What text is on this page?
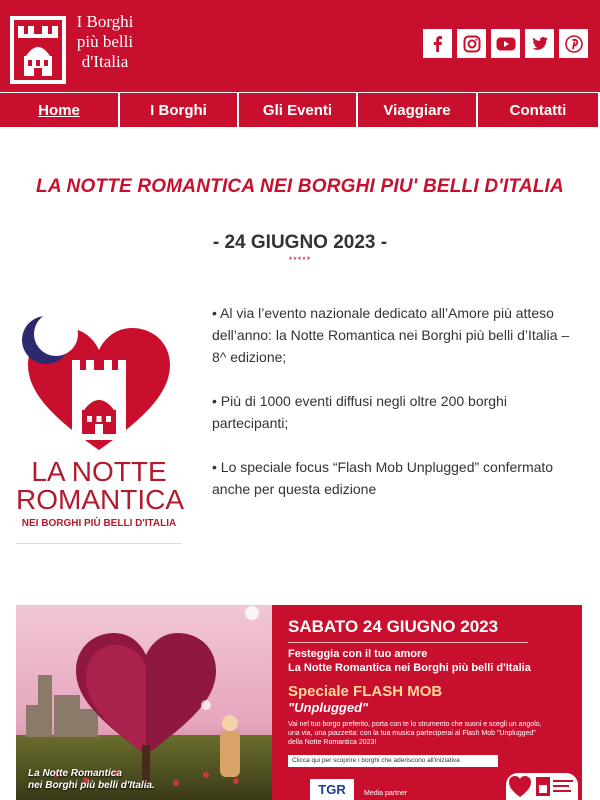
I Borghi
più belli
d'Italia
Home	I Borghi	Gli Eventi	Viaggiare	Contatti
LA NOTTE ROMANTICA NEI BORGHI PIU' BELLI D'ITALIA
- 24 GIUGNO 2023 -
*****
LA NOTTE
ROMANTICA
NEI BORGHI PIÙ BELLI D'ITALIA

• Al via l’evento nazionale dedicato all’Amore più atteso dell’anno: la Notte Romantica nei Borghi più belli d’Italia – 8^ edizione;

• Più di 1000 eventi diffusi negli oltre 200 borghi partecipanti;

• Lo speciale focus “Flash Mob Unplugged” confermato anche per questa edizione

La Notte Romantica
nei Borghi più belli d'Italia.
SABATO 24 GIUGNO 2023
Festeggia con il tuo amore
La Notte Romantica nei Borghi più belli d'Italia
Speciale FLASH MOB
"Unplugged"
Vai nel tuo borgo preferito, porta con te lo strumento che suoni e scegli un angolo, una via, una piazzetta: con la tua musica parteciperai al Flash Mob "Unplugged" della Notte Romantica 2023!
Clicca qui per scoprire i borghi che aderiscono all'iniziativa
TGR	Media partner
